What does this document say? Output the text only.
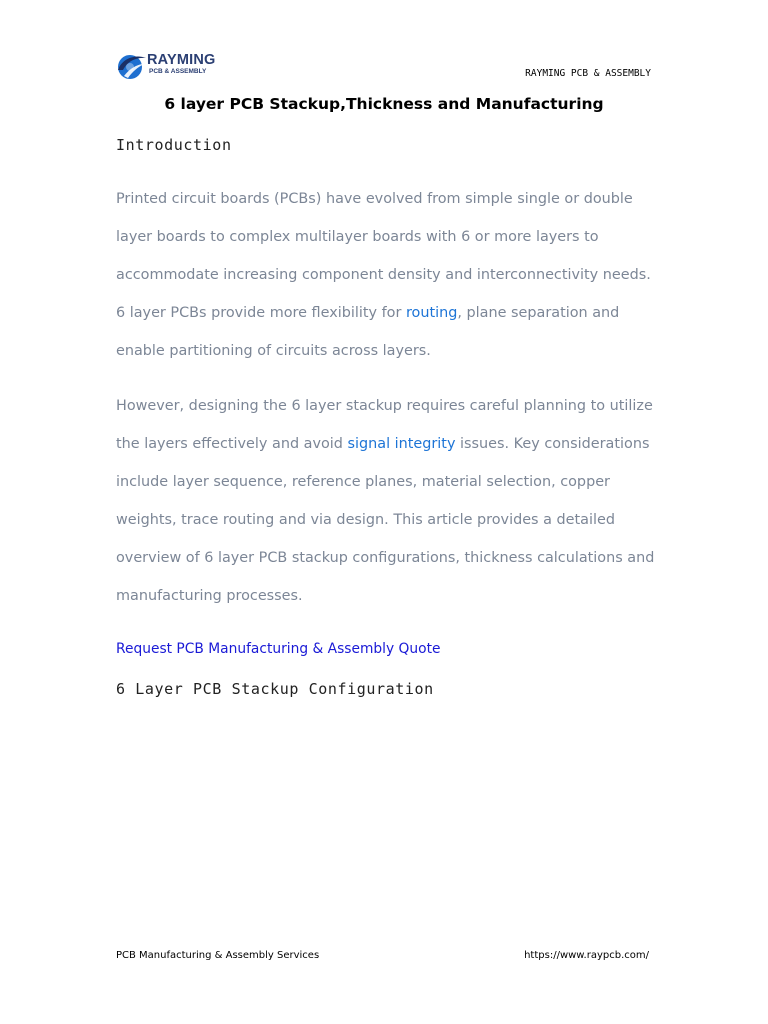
RAYMING
PCB & ASSEMBLY	RAYMING PCB & ASSEMBLY
6 layer PCB Stackup,Thickness and Manufacturing
Introduction

Printed circuit boards (PCBs) have evolved from simple single or double
layer boards to complex multilayer boards with 6 or more layers to
accommodate increasing component density and interconnectivity needs.
6 layer PCBs provide more flexibility for routing, plane separation and
enable partitioning of circuits across layers.

However, designing the 6 layer stackup requires careful planning to utilize
the layers effectively and avoid signal integrity issues. Key considerations
include layer sequence, reference planes, material selection, copper
weights, trace routing and via design. This article provides a detailed
overview of 6 layer PCB stackup configurations, thickness calculations and
manufacturing processes.

Request PCB Manufacturing & Assembly Quote
6 Layer PCB Stackup Configuration
PCB Manufacturing & Assembly Services	https://www.raypcb.com/
